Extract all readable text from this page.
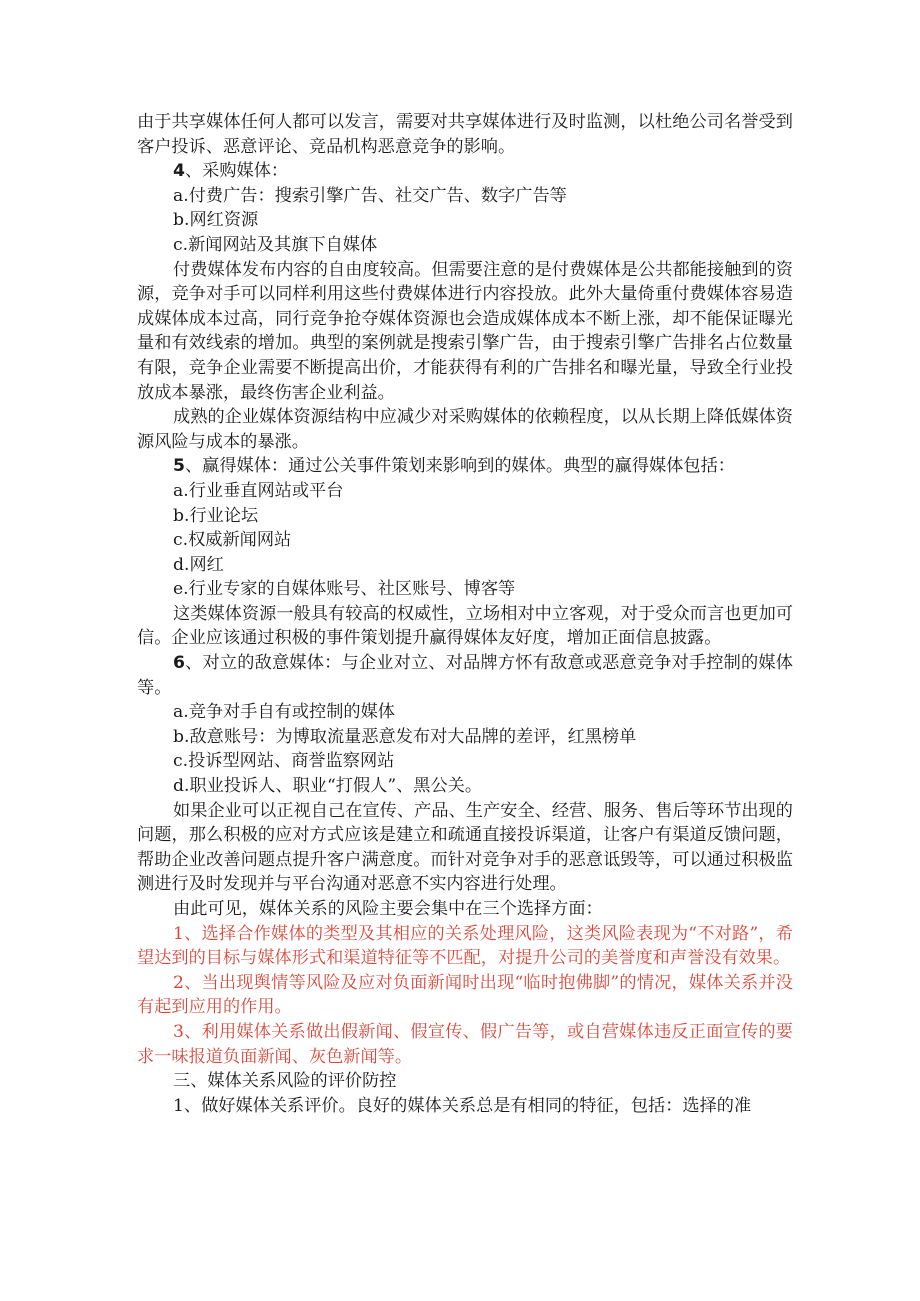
由于共享媒体任何人都可以发言，需要对共享媒体进行及时监测，以杜绝公司名誉受到客户投诉、恶意评论、竞品机构恶意竞争的影响。

4、采购媒体：

a.付费广告：搜索引擎广告、社交广告、数字广告等

b.网红资源

c.新闻网站及其旗下自媒体

付费媒体发布内容的自由度较高。但需要注意的是付费媒体是公共都能接触到的资源，竞争对手可以同样利用这些付费媒体进行内容投放。此外大量倚重付费媒体容易造成媒体成本过高，同行竞争抢夺媒体资源也会造成媒体成本不断上涨，却不能保证曝光量和有效线索的增加。典型的案例就是搜索引擎广告，由于搜索引擎广告排名占位数量有限，竞争企业需要不断提高出价，才能获得有利的广告排名和曝光量，导致全行业投放成本暴涨，最终伤害企业利益。

成熟的企业媒体资源结构中应减少对采购媒体的依赖程度，以从长期上降低媒体资源风险与成本的暴涨。

5、赢得媒体：通过公关事件策划来影响到的媒体。典型的赢得媒体包括：

a.行业垂直网站或平台

b.行业论坛

c.权威新闻网站

d.网红

e.行业专家的自媒体账号、社区账号、博客等

这类媒体资源一般具有较高的权威性，立场相对中立客观，对于受众而言也更加可信。企业应该通过积极的事件策划提升赢得媒体友好度，增加正面信息披露。

6、对立的敌意媒体：与企业对立、对品牌方怀有敌意或恶意竞争对手控制的媒体等。

a.竞争对手自有或控制的媒体

b.敌意账号：为博取流量恶意发布对大品牌的差评，红黑榜单

c.投诉型网站、商誉监察网站

d.职业投诉人、职业“打假人”、黑公关。

如果企业可以正视自己在宣传、产品、生产安全、经营、服务、售后等环节出现的问题，那么积极的应对方式应该是建立和疏通直接投诉渠道，让客户有渠道反馈问题，帮助企业改善问题点提升客户满意度。而针对竞争对手的恶意诋毁等，可以通过积极监测进行及时发现并与平台沟通对恶意不实内容进行处理。

由此可见，媒体关系的风险主要会集中在三个选择方面：

1、选择合作媒体的类型及其相应的关系处理风险，这类风险表现为“不对路”，希望达到的目标与媒体形式和渠道特征等不匹配，对提升公司的美誉度和声誉没有效果。

2、当出现舆情等风险及应对负面新闻时出现“临时抱佛脚”的情况，媒体关系并没有起到应用的作用。

3、利用媒体关系做出假新闻、假宣传、假广告等，或自营媒体违反正面宣传的要求一味报道负面新闻、灰色新闻等。

三、媒体关系风险的评价防控

1、做好媒体关系评价。良好的媒体关系总是有相同的特征，包括：选择的准
